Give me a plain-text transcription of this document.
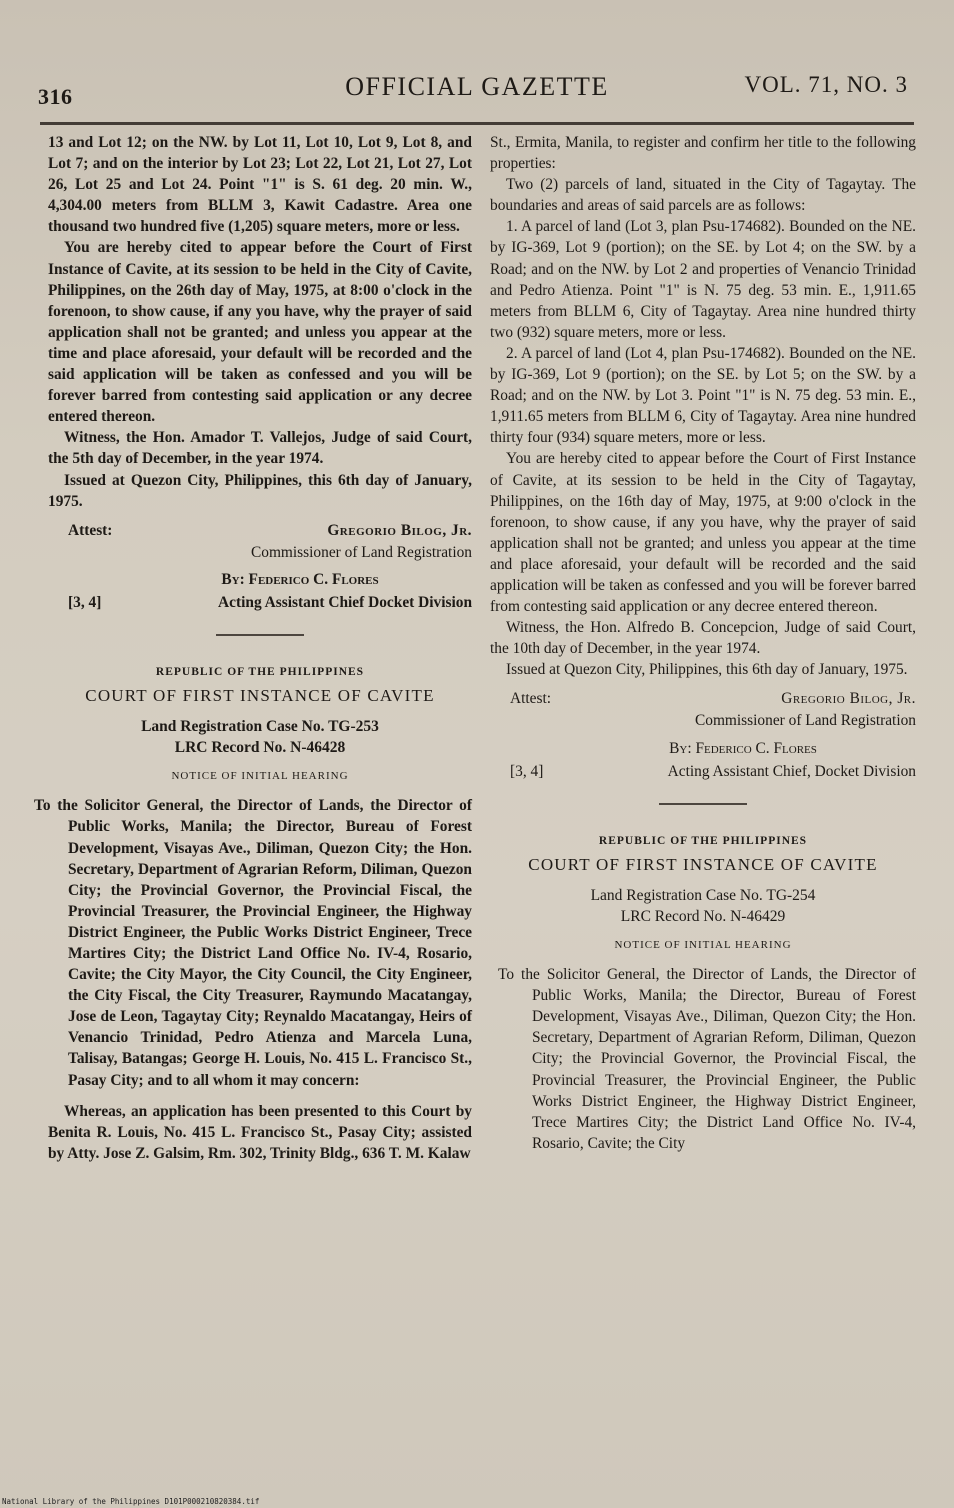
316	OFFICIAL GAZETTE	VOL. 71, NO. 3

13 and Lot 12; on the NW. by Lot 11, Lot 10, Lot 9, Lot 8, and Lot 7; and on the interior by Lot 23; Lot 22, Lot 21, Lot 27, Lot 26, Lot 25 and Lot 24. Point "1" is S. 61 deg. 20 min. W., 4,304.00 meters from BLLM 3, Kawit Cadastre. Area one thousand two hundred five (1,205) square meters, more or less.

You are hereby cited to appear before the Court of First Instance of Cavite, at its session to be held in the City of Cavite, Philippines, on the 26th day of May, 1975, at 8:00 o'clock in the forenoon, to show cause, if any you have, why the prayer of said application shall not be granted; and unless you appear at the time and place aforesaid, your default will be recorded and the said application will be taken as confessed and you will be forever barred from contesting said application or any decree entered thereon.

Witness, the Hon. Amador T. Vallejos, Judge of said Court, the 5th day of December, in the year 1974.

Issued at Quezon City, Philippines, this 6th day of January, 1975.

Attest:	Gregorio Bilog, Jr.
Commissioner of Land Registration
By: Federico C. Flores
[3, 4]	Acting Assistant Chief Docket Division
REPUBLIC OF THE PHILIPPINES
COURT OF FIRST INSTANCE OF CAVITE
Land Registration Case No. TG-253
LRC Record No. N-46428
NOTICE OF INITIAL HEARING

To the Solicitor General, the Director of Lands, the Director of Public Works, Manila; the Director, Bureau of Forest Development, Visayas Ave., Diliman, Quezon City; the Hon. Secretary, Department of Agrarian Reform, Diliman, Quezon City; the Provincial Governor, the Provincial Fiscal, the Provincial Treasurer, the Provincial Engineer, the Highway District Engineer, the Public Works District Engineer, Trece Martires City; the District Land Office No. IV-4, Rosario, Cavite; the City Mayor, the City Council, the City Engineer, the City Fiscal, the City Treasurer, Raymundo Macatangay, Jose de Leon, Tagaytay City; Reynaldo Macatangay, Heirs of Venancio Trinidad, Pedro Atienza and Marcela Luna, Talisay, Batangas; George H. Louis, No. 415 L. Francisco St., Pasay City; and to all whom it may concern:

Whereas, an application has been presented to this Court by Benita R. Louis, No. 415 L. Francisco St., Pasay City; assisted by Atty. Jose Z. Galsim, Rm. 302, Trinity Bldg., 636 T. M. Kalaw

St., Ermita, Manila, to register and confirm her title to the following properties:

Two (2) parcels of land, situated in the City of Tagaytay. The boundaries and areas of said parcels are as follows:

1. A parcel of land (Lot 3, plan Psu-174682). Bounded on the NE. by IG-369, Lot 9 (portion); on the SE. by Lot 4; on the SW. by a Road; and on the NW. by Lot 2 and properties of Venancio Trinidad and Pedro Atienza. Point "1" is N. 75 deg. 53 min. E., 1,911.65 meters from BLLM 6, City of Tagaytay. Area nine hundred thirty two (932) square meters, more or less.

2. A parcel of land (Lot 4, plan Psu-174682). Bounded on the NE. by IG-369, Lot 9 (portion); on the SE. by Lot 5; on the SW. by a Road; and on the NW. by Lot 3. Point "1" is N. 75 deg. 53 min. E., 1,911.65 meters from BLLM 6, City of Tagaytay. Area nine hundred thirty four (934) square meters, more or less.

You are hereby cited to appear before the Court of First Instance of Cavite, at its session to be held in the City of Tagaytay, Philippines, on the 16th day of May, 1975, at 9:00 o'clock in the forenoon, to show cause, if any you have, why the prayer of said application shall not be granted; and unless you appear at the time and place aforesaid, your default will be recorded and the said application will be taken as confessed and you will be forever barred from contesting said application or any decree entered thereon.

Witness, the Hon. Alfredo B. Concepcion, Judge of said Court, the 10th day of December, in the year 1974.

Issued at Quezon City, Philippines, this 6th day of January, 1975.

Attest:	Gregorio Bilog, Jr.
Commissioner of Land Registration
By: Federico C. Flores
[3, 4]	Acting Assistant Chief, Docket Division
REPUBLIC OF THE PHILIPPINES
COURT OF FIRST INSTANCE OF CAVITE
Land Registration Case No. TG-254
LRC Record No. N-46429
NOTICE OF INITIAL HEARING

To the Solicitor General, the Director of Lands, the Director of Public Works, Manila; the Director, Bureau of Forest Development, Visayas Ave., Diliman, Quezon City; the Hon. Secretary, Department of Agrarian Reform, Diliman, Quezon City; the Provincial Governor, the Provincial Fiscal, the Provincial Treasurer, the Provincial Engineer, the Public Works District Engineer, the Highway District Engineer, Trece Martires City; the District Land Office No. IV-4, Rosario, Cavite; the City

National Library of the Philippines D101P000210820384.tif
